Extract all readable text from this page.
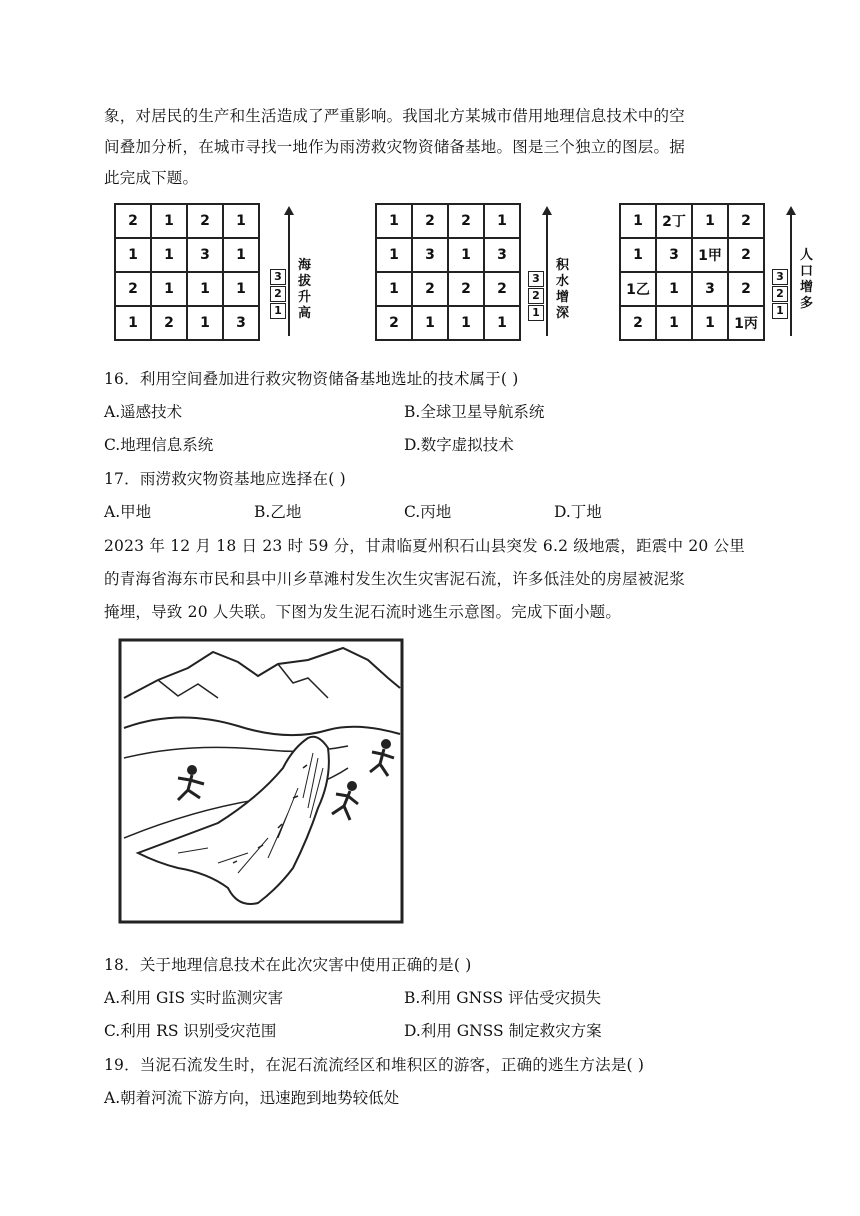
象，对居民的生产和生活造成了严重影响。我国北方某城市借用地理信息技术中的空
间叠加分析，在城市寻找一地作为雨涝救灾物资储备基地。图是三个独立的图层。据
此完成下题。
2	1	2	1
1	1	3	1
2	1	1	1
1	2	1	3
3
2
1
海拔升高
1	2	2	1
1	3	1	3
1	2	2	2
2	1	1	1
3
2
1
积水增深
1	2丁	1	2
1	3	1甲	2
1乙	1	3	2
2	1	1	1丙
3
2
1
人口增多
16．利用空间叠加进行救灾物资储备基地选址的技术属于( )
A.遥感技术	B.全球卫星导航系统
C.地理信息系统	D.数字虚拟技术
17．雨涝救灾物资基地应选择在( )
A.甲地	B.乙地	C.丙地	D.丁地
2023 年 12 月 18 日 23 时 59 分，甘肃临夏州积石山县突发 6.2 级地震，距震中 20 公里
的青海省海东市民和县中川乡草滩村发生次生灾害泥石流，许多低洼处的房屋被泥浆
掩埋，导致 20 人失联。下图为发生泥石流时逃生示意图。完成下面小题。
18．关于地理信息技术在此次灾害中使用正确的是( )
A.利用 GIS 实时监测灾害	B.利用 GNSS 评估受灾损失
C.利用 RS 识别受灾范围	D.利用 GNSS 制定救灾方案
19．当泥石流发生时，在泥石流流经区和堆积区的游客，正确的逃生方法是( )
A.朝着河流下游方向，迅速跑到地势较低处
